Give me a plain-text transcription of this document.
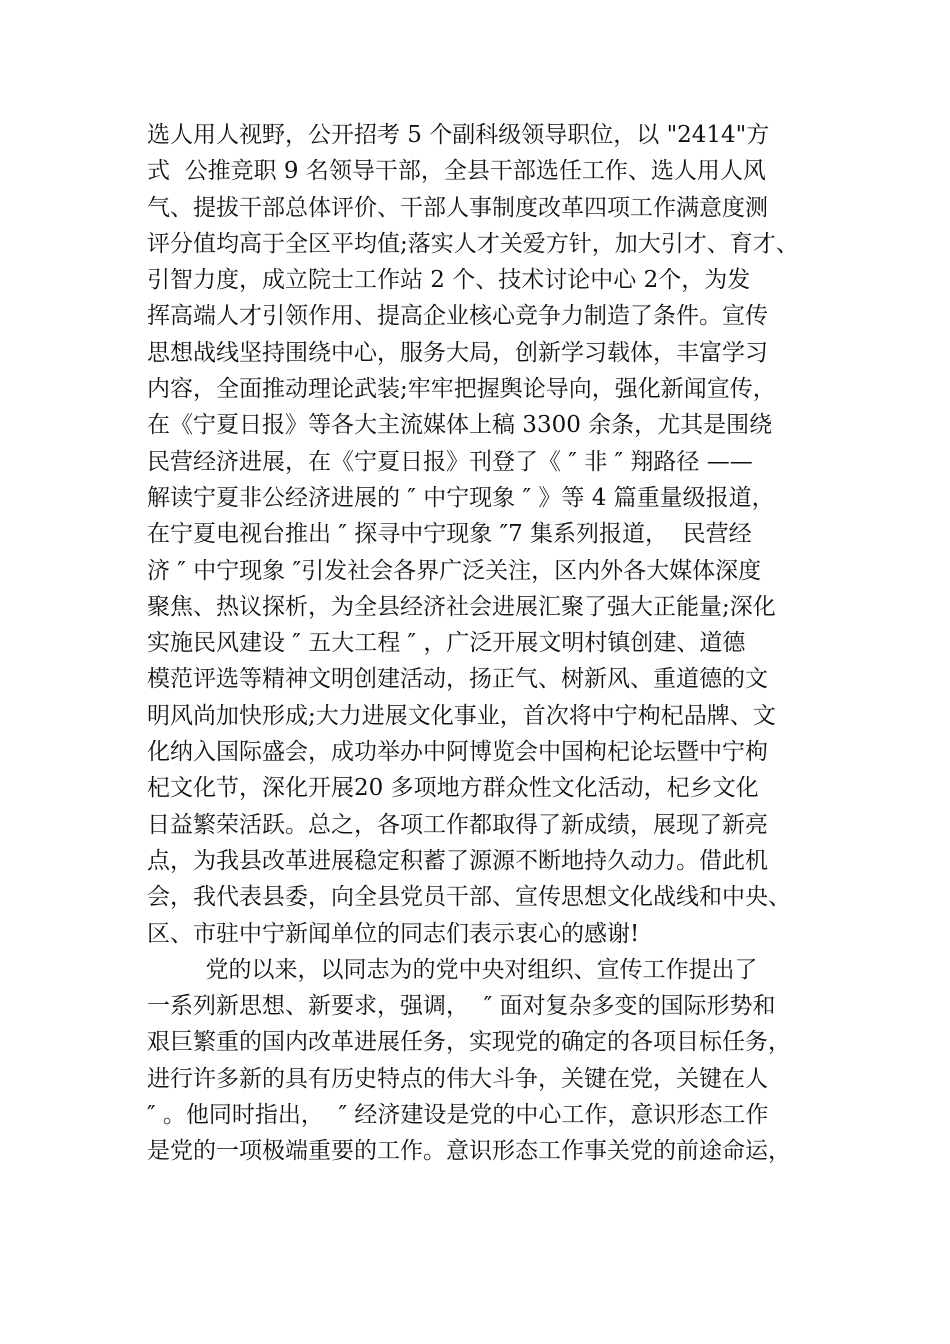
选人用人视野，公开招考 5 个副科级领导职位，以 "2414"方
式  公推竞职 9 名领导干部，全县干部选任工作、选人用人风
气、提拔干部总体评价、干部人事制度改革四项工作满意度测
评分值均高于全区平均值;落实人才关爱方针，加大引才、育才、
引智力度，成立院士工作站 2 个、技术讨论中心 2个，为发
挥高端人才引领作用、提高企业核心竞争力制造了条件。宣传
思想战线坚持围绕中心，服务大局，创新学习载体，丰富学习
内容，全面推动理论武装;牢牢把握舆论导向，强化新闻宣传，
在《宁夏日报》等各大主流媒体上稿 3300 余条，尤其是围绕
民营经济进展，在《宁夏日报》刊登了《 ″ 非 ″ 翔路径 ——
解读宁夏非公经济进展的 ″ 中宁现象 ″ 》等 4 篇重量级报道，
在宁夏电视台推出 ″ 探寻中宁现象 ″7 集系列报道，  民营经
济 ″ 中宁现象 ″引发社会各界广泛关注，区内外各大媒体深度
聚焦、热议探析，为全县经济社会进展汇聚了强大正能量;深化
实施民风建设 ″ 五大工程 ″ ，广泛开展文明村镇创建、道德
模范评选等精神文明创建活动，扬正气、树新风、重道德的文
明风尚加快形成;大力进展文化事业，首次将中宁枸杞品牌、文
化纳入国际盛会，成功举办中阿博览会中国枸杞论坛暨中宁枸
杞文化节，深化开展20 多项地方群众性文化活动，杞乡文化
日益繁荣活跃。总之，各项工作都取得了新成绩，展现了新亮
点，为我县改革进展稳定积蓄了源源不断地持久动力。借此机
会，我代表县委，向全县党员干部、宣传思想文化战线和中央、
区、市驻中宁新闻单位的同志们表示衷心的感谢!
党的以来，以同志为的党中央对组织、宣传工作提出了
一系列新思想、新要求，强调，  ″ 面对复杂多变的国际形势和
艰巨繁重的国内改革进展任务，实现党的确定的各项目标任务，
进行许多新的具有历史特点的伟大斗争，关键在党，关键在人
″ 。他同时指出，  ″ 经济建设是党的中心工作，意识形态工作
是党的一项极端重要的工作。意识形态工作事关党的前途命运，
